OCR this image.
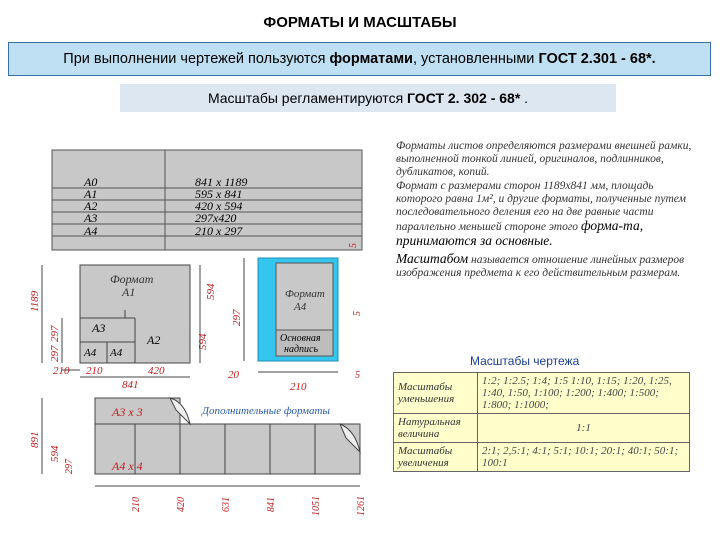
ФОРМАТЫ И МАСШТАБЫ
При выполнении чертежей пользуются форматами, установленными ГОСТ 2.301 - 68*.
Масштабы регламентируются ГОСТ 2. 302 - 68* .
А0	841 х 1189
А1	595 х 841
А2	420 х 594
А3	297х420
А4	210 х 297
Формат
А1
А3
А2
А4 А4
1189	594
297
297
594
210 210	420
841
Формат
А4
Основная
надпись
297
5
5
5
20
210
А3 х 3
А4 х 4
Дополнительные форматы
891
594
297
210	420	631	841	1051	1261
Форматы листов определяются размерами внешней рамки, выполненной тонкой линией, оригиналов, подлинников, дубликатов, копий.
Формат с размерами сторон 1189х841 мм, площадь которого равна 1м², и другие форматы, полученные путем последовательного деления его на две равные части параллельно меньшей стороне этого форма-та, принимаются за основные.
Масштабом называется отношение линейных размеров изображения предмета к его действительным размерам.
Масштабы чертежа
Масштабы уменьшения	1:2; 1:2.5; 1:4; 1:5 1:10, 1:15; 1:20, 1:25, 1:40, 1:50, 1:100; 1:200; 1:400; 1:500; 1:800; 1:1000;
Натуральная величина	1:1
Масштабы увеличения	2:1; 2,5:1; 4:1; 5:1; 10:1; 20:1; 40:1; 50:1; 100:1
